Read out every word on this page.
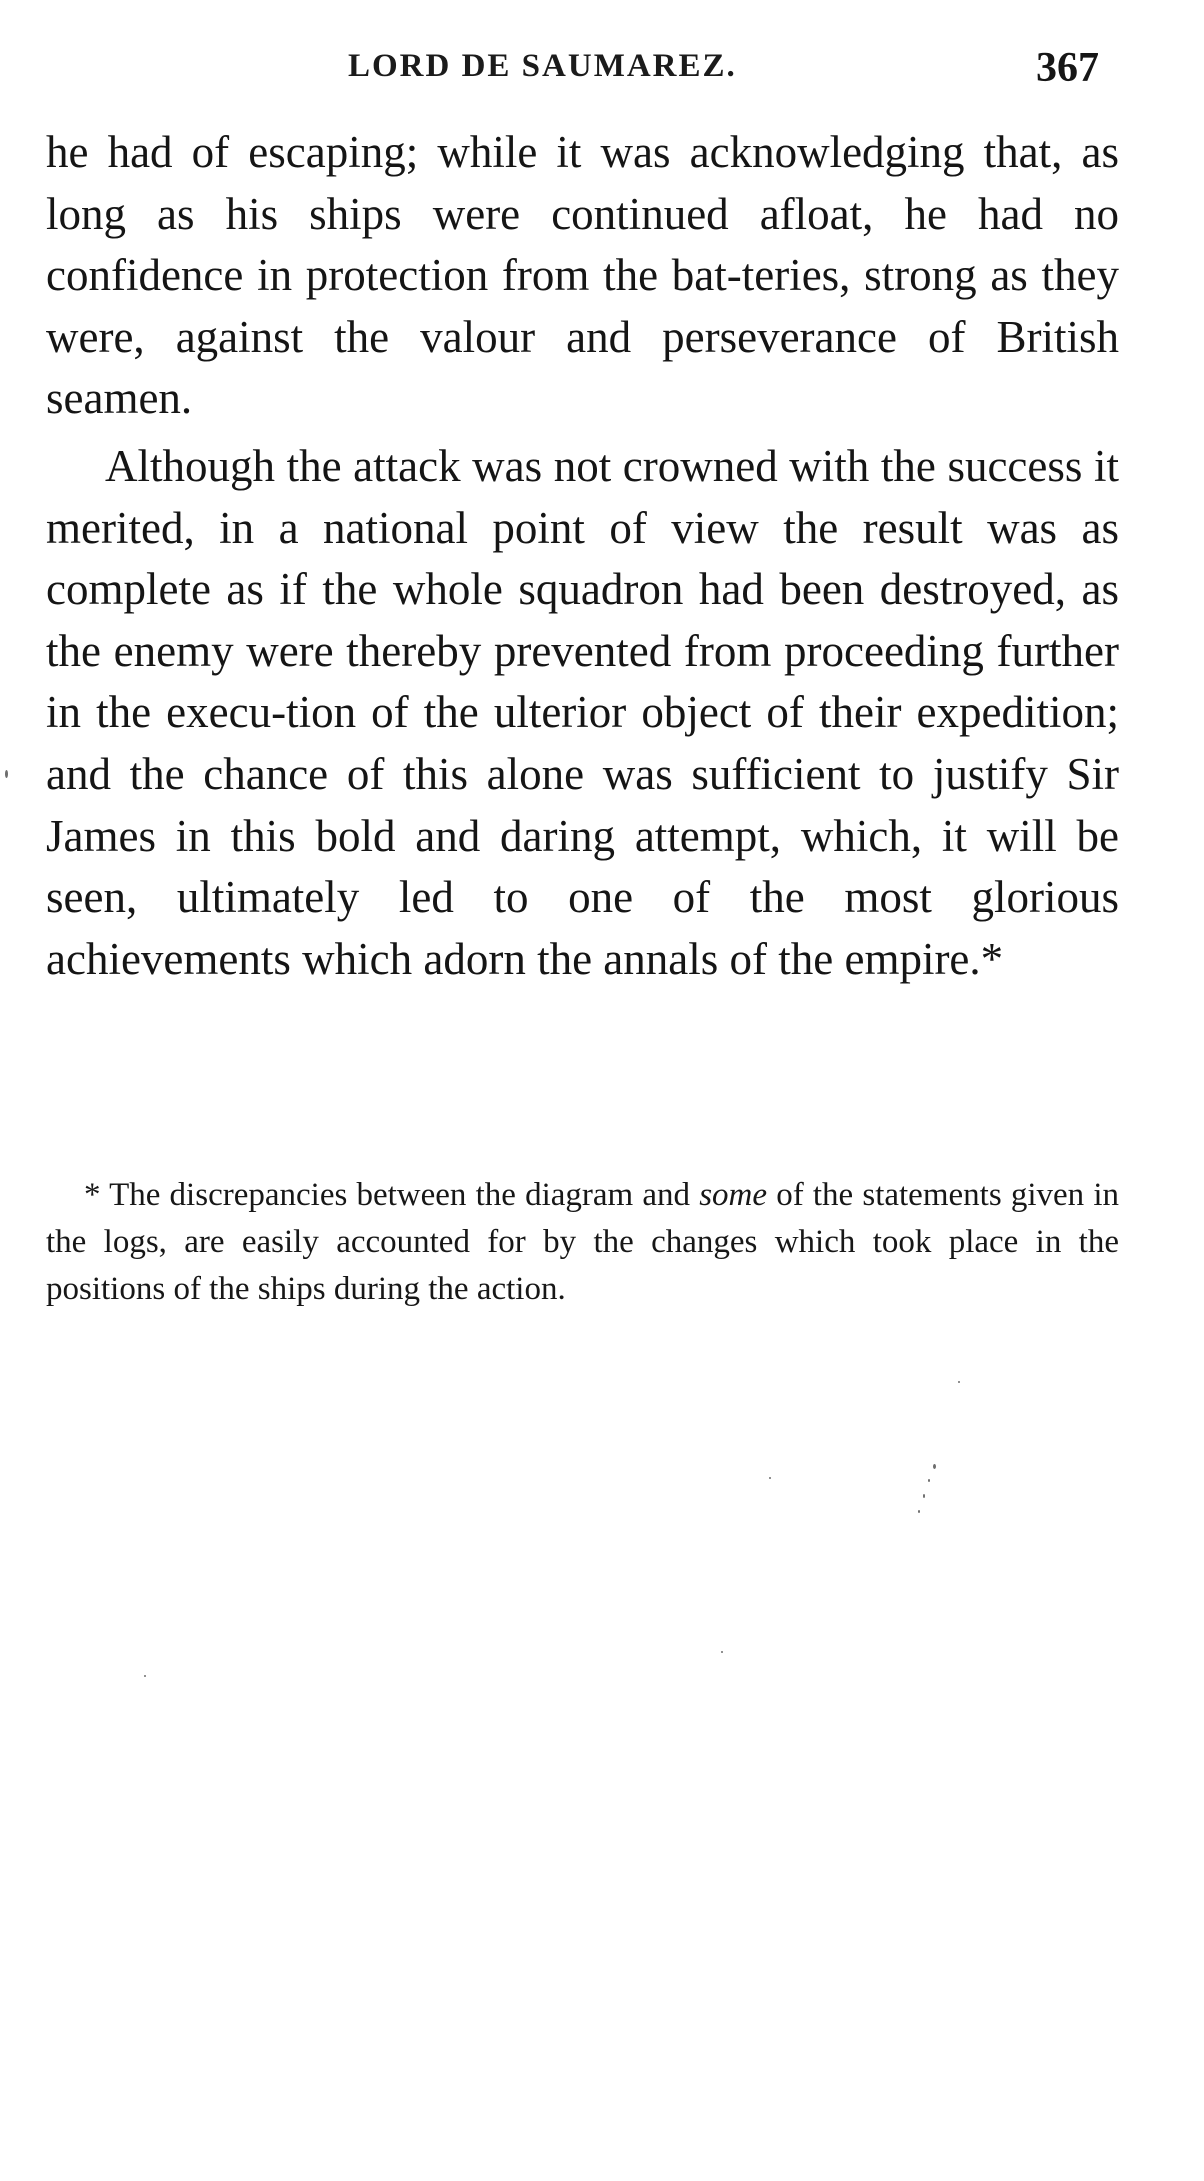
LORD DE SAUMAREZ.	367

he had of escaping; while it was acknowledging that, as long as his ships were continued afloat, he had no confidence in protection from the bat-teries, strong as they were, against the valour and perseverance of British seamen.

Although the attack was not crowned with the success it merited, in a national point of view the result was as complete as if the whole squadron had been destroyed, as the enemy were thereby prevented from proceeding further in the execu-tion of the ulterior object of their expedition; and the chance of this alone was sufficient to justify Sir James in this bold and daring attempt, which, it will be seen, ultimately led to one of the most glorious achievements which adorn the annals of the empire.*

* The discrepancies between the diagram and some of the statements given in the logs, are easily accounted for by the changes which took place in the positions of the ships during the action.
